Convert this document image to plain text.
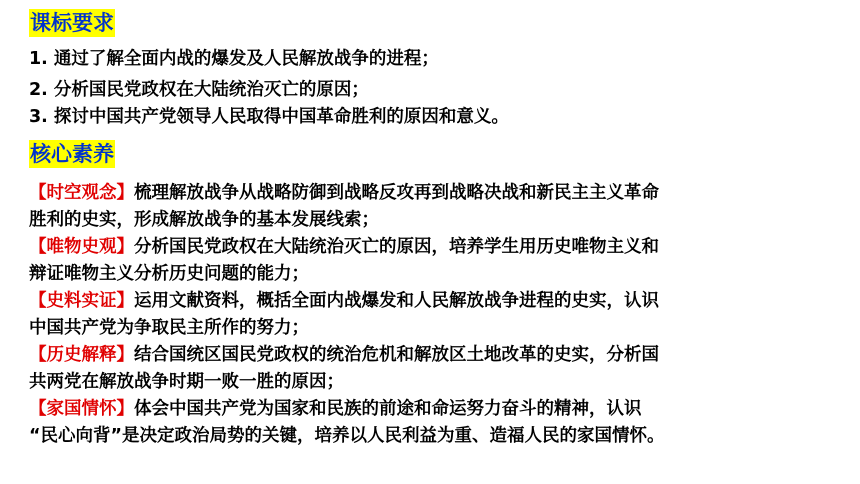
课标要求
1. 通过了解全面内战的爆发及人民解放战争的进程；
2. 分析国民党政权在大陆统治灭亡的原因；
3. 探讨中国共产党领导人民取得中国革命胜利的原因和意义。
核心素养
【时空观念】梳理解放战争从战略防御到战略反攻再到战略决战和新民主主义革命
胜利的史实，形成解放战争的基本发展线索；
【唯物史观】分析国民党政权在大陆统治灭亡的原因，培养学生用历史唯物主义和
辩证唯物主义分析历史问题的能力；
【史料实证】运用文献资料，概括全面内战爆发和人民解放战争进程的史实，认识
中国共产党为争取民主所作的努力；
【历史解释】结合国统区国民党政权的统治危机和解放区土地改革的史实，分析国
共两党在解放战争时期一败一胜的原因；
【家国情怀】体会中国共产党为国家和民族的前途和命运努力奋斗的精神，认识
“民心向背”是决定政治局势的关键，培养以人民利益为重、造福人民的家国情怀。
